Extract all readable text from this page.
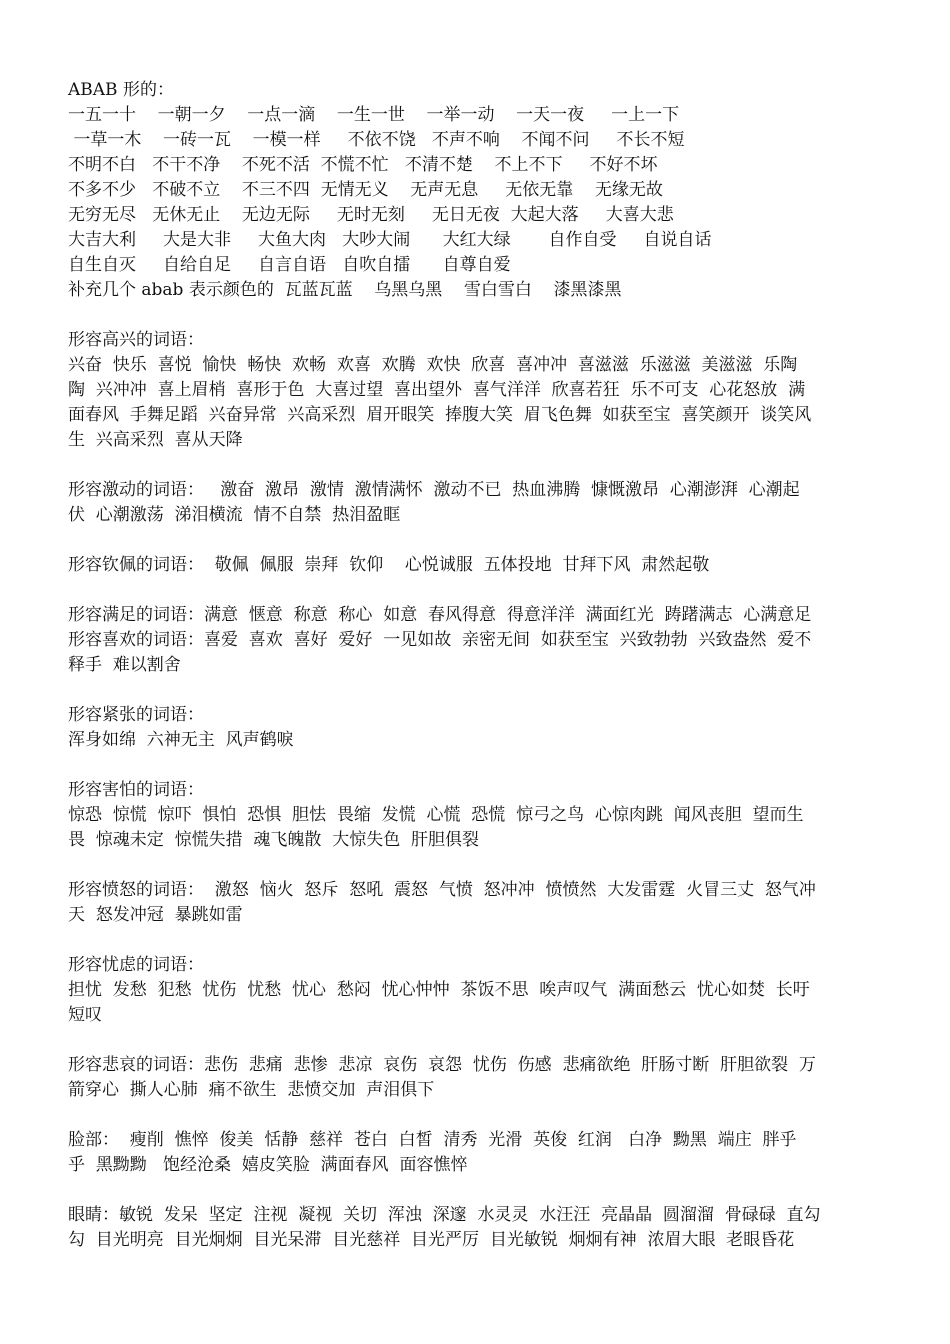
ABAB 形的：
一五一十    一朝一夕    一点一滴    一生一世    一举一动    一天一夜     一上一下
一草一木    一砖一瓦    一模一样     不依不饶   不声不响    不闻不问     不长不短
不明不白   不干不净    不死不活  不慌不忙   不清不楚    不上不下     不好不坏
不多不少   不破不立    不三不四  无情无义    无声无息     无依无靠    无缘无故
无穷无尽   无休无止    无边无际     无时无刻     无日无夜  大起大落     大喜大悲
大吉大利     大是大非     大鱼大肉   大吵大闹      大红大绿       自作自受     自说自话
自生自灭     自给自足     自言自语   自吹自擂      自尊自爱
补充几个 abab 表示颜色的  瓦蓝瓦蓝    乌黑乌黑    雪白雪白    漆黑漆黑
形容高兴的词语：
兴奋  快乐  喜悦  愉快  畅快  欢畅  欢喜  欢腾  欢快  欣喜  喜冲冲  喜滋滋  乐滋滋  美滋滋  乐陶
陶  兴冲冲  喜上眉梢  喜形于色  大喜过望  喜出望外  喜气洋洋  欣喜若狂  乐不可支  心花怒放  满
面春风  手舞足蹈  兴奋异常  兴高采烈  眉开眼笑  捧腹大笑  眉飞色舞  如获至宝  喜笑颜开  谈笑风
生  兴高采烈  喜从天降
形容激动的词语：   激奋  激昂  激情  激情满怀  激动不已  热血沸腾  慷慨激昂  心潮澎湃  心潮起
伏  心潮激荡  涕泪横流  情不自禁  热泪盈眶
形容钦佩的词语：  敬佩  佩服  崇拜  钦仰    心悦诚服  五体投地  甘拜下风  肃然起敬
形容满足的词语：满意  惬意  称意  称心  如意  春风得意  得意洋洋  满面红光  踌躇满志  心满意足
形容喜欢的词语：喜爱  喜欢  喜好  爱好  一见如故  亲密无间  如获至宝  兴致勃勃  兴致盎然  爱不
释手  难以割舍
形容紧张的词语：
浑身如绵  六神无主  风声鹤唳
形容害怕的词语：
惊恐  惊慌  惊吓  惧怕  恐惧  胆怯  畏缩  发慌  心慌  恐慌  惊弓之鸟  心惊肉跳  闻风丧胆  望而生
畏  惊魂未定  惊慌失措  魂飞魄散  大惊失色  肝胆俱裂
形容愤怒的词语：  激怒  恼火  怒斥  怒吼  震怒  气愤  怒冲冲  愤愤然  大发雷霆  火冒三丈  怒气冲
天  怒发冲冠  暴跳如雷
形容忧虑的词语：
担忧  发愁  犯愁  忧伤  忧愁  忧心  愁闷  忧心忡忡  茶饭不思  唉声叹气  满面愁云  忧心如焚  长吁
短叹
形容悲哀的词语：悲伤  悲痛  悲惨  悲凉  哀伤  哀怨  忧伤  伤感  悲痛欲绝  肝肠寸断  肝胆欲裂  万
箭穿心  撕人心肺  痛不欲生  悲愤交加  声泪俱下
脸部：  瘦削  憔悴  俊美  恬静  慈祥  苍白  白皙  清秀  光滑  英俊  红润   白净  黝黑  端庄  胖乎
乎  黑黝黝   饱经沧桑  嬉皮笑脸  满面春风  面容憔悴
眼睛：敏锐  发呆  坚定  注视  凝视  关切  浑浊  深邃  水灵灵  水汪汪  亮晶晶  圆溜溜  骨碌碌  直勾
勾  目光明亮  目光炯炯  目光呆滞  目光慈祥  目光严厉  目光敏锐  炯炯有神  浓眉大眼  老眼昏花
